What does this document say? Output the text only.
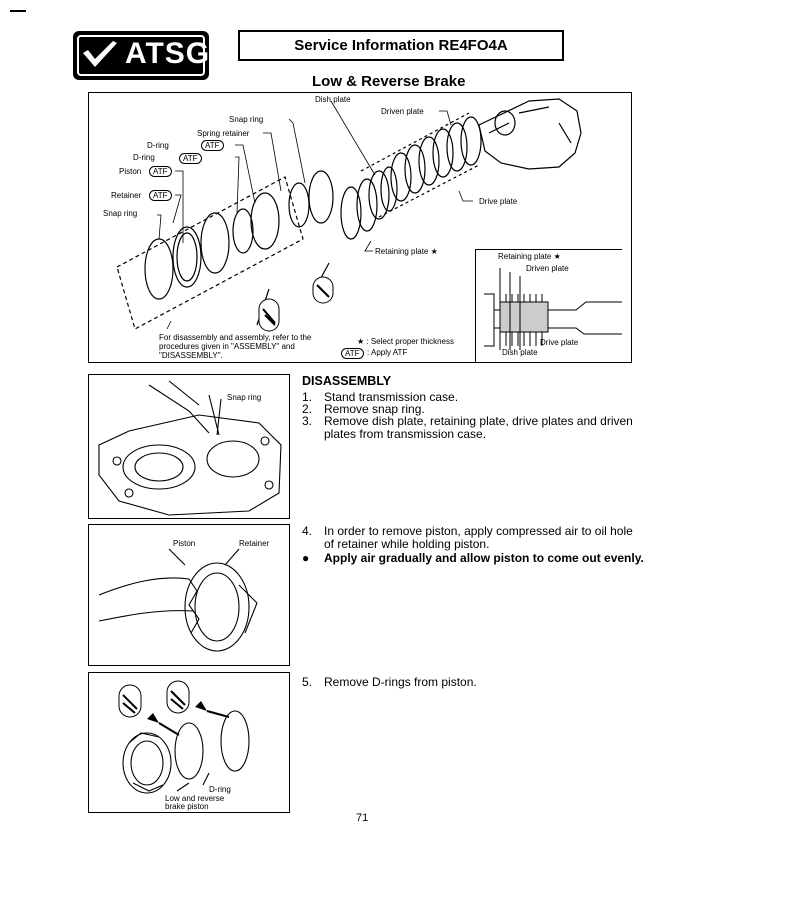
ATSG	Service Information RE4FO4A
Low & Reverse Brake
Dish plate
Driven plate
Snap ring
Spring retainer
D-ring
D-ring
Piston
Retainer
Snap ring
Drive plate
Retaining plate ★
ATF
ATF
ATF
ATF
For disassembly and assembly, refer to the procedures given in "ASSEMBLY" and "DISASSEMBLY".
★ : Select proper thickness
ATF : Apply ATF
Retaining plate ★
Driven plate
Drive plate
Dish plate
Snap ring
Piston	Retainer
D-ring
Low and reverse brake piston
DISASSEMBLY
1. Stand transmission case.
2. Remove snap ring.
3. Remove dish plate, retaining plate, drive plates and driven plates from transmission case.
4. In order to remove piston, apply compressed air to oil hole of retainer while holding piston.
● Apply air gradually and allow piston to come out evenly.
5. Remove D-rings from piston.
71
